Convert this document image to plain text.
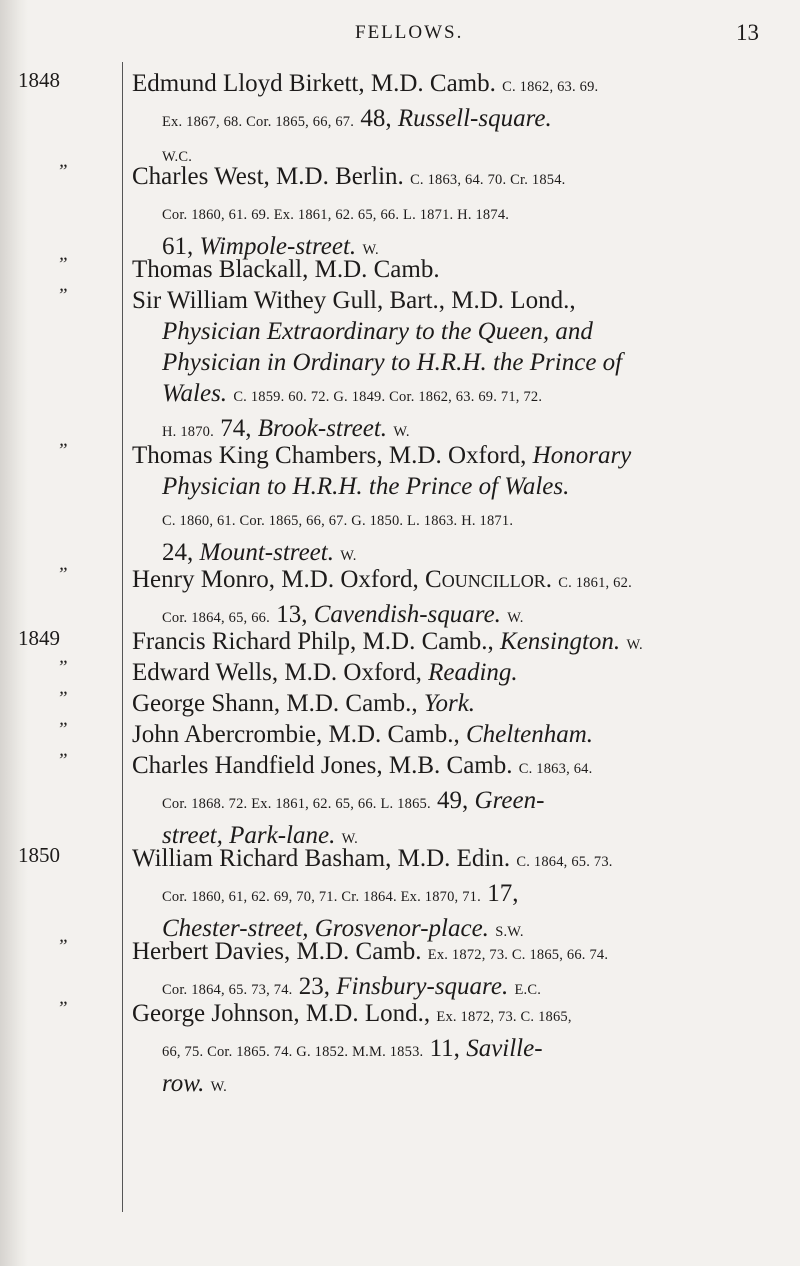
FELLOWS.	13
1848	Edmund Lloyd Birkett, M.D. Camb. C. 1862, 63. 69.
Ex. 1867, 68. Cor. 1865, 66, 67. 48, Russell-square.
W.C.
”	Charles West, M.D. Berlin. C. 1863, 64. 70. Cr. 1854.
Cor. 1860, 61. 69. Ex. 1861, 62. 65, 66. L. 1871. H. 1874.
61, Wimpole-street. W.
”	Thomas Blackall, M.D. Camb.
”	Sir William Withey Gull, Bart., M.D. Lond.,
Physician Extraordinary to the Queen, and
Physician in Ordinary to H.R.H. the Prince of
Wales. C. 1859. 60. 72. G. 1849. Cor. 1862, 63. 69. 71, 72.
H. 1870. 74, Brook-street. W.
”	Thomas King Chambers, M.D. Oxford, Honorary
Physician to H.R.H. the Prince of Wales.
C. 1860, 61. Cor. 1865, 66, 67. G. 1850. L. 1863. H. 1871.
24, Mount-street. W.
”	Henry Monro, M.D. Oxford, Councillor. C. 1861, 62.
Cor. 1864, 65, 66. 13, Cavendish-square. W.
1849	Francis Richard Philp, M.D. Camb., Kensington. W.
”	Edward Wells, M.D. Oxford, Reading.
”	George Shann, M.D. Camb., York.
”	John Abercrombie, M.D. Camb., Cheltenham.
”	Charles Handfield Jones, M.B. Camb. C. 1863, 64.
Cor. 1868. 72. Ex. 1861, 62. 65, 66. L. 1865. 49, Green-
street, Park-lane. W.
1850	William Richard Basham, M.D. Edin. C. 1864, 65. 73.
Cor. 1860, 61, 62. 69, 70, 71. Cr. 1864. Ex. 1870, 71. 17,
Chester-street, Grosvenor-place. S.W.
”	Herbert Davies, M.D. Camb. Ex. 1872, 73. C. 1865, 66. 74.
Cor. 1864, 65. 73, 74. 23, Finsbury-square. E.C.
”	George Johnson, M.D. Lond., Ex. 1872, 73. C. 1865,
66, 75. Cor. 1865. 74. G. 1852. M.M. 1853. 11, Saville-
row. W.
